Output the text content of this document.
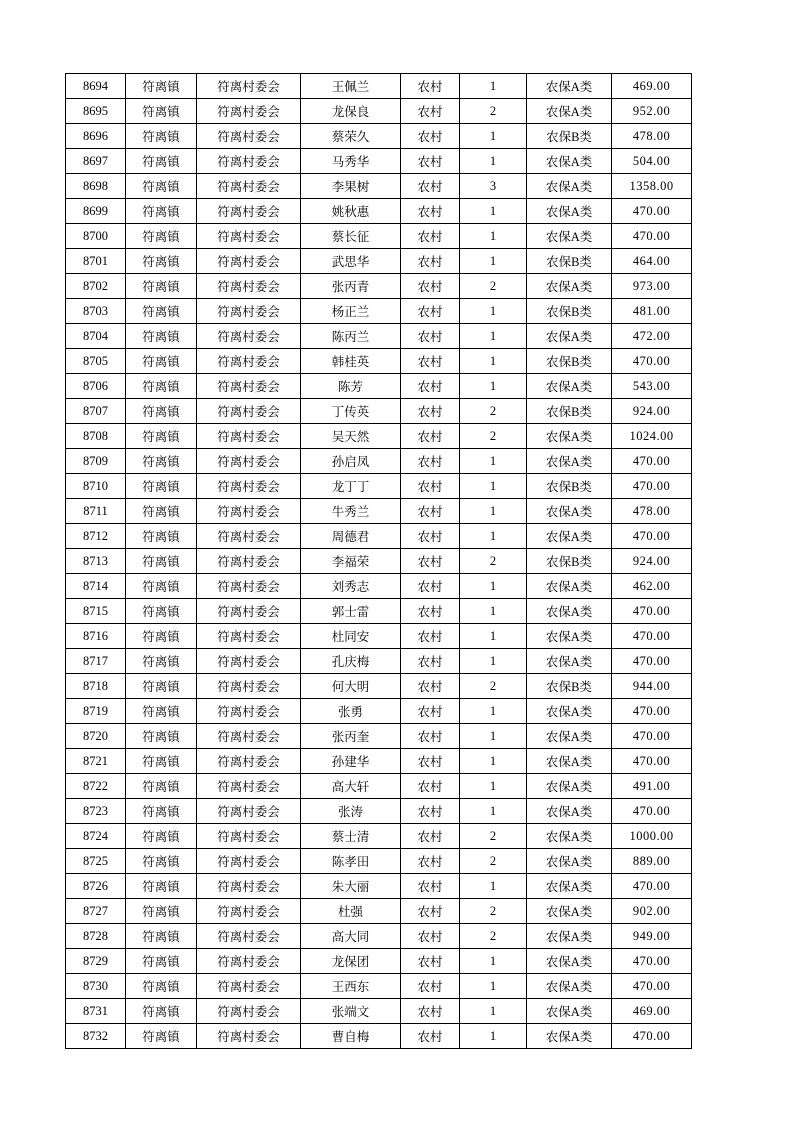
8694	符离镇	符离村委会	王佩兰	农村	1	农保A类	469.00
8695	符离镇	符离村委会	龙保良	农村	2	农保A类	952.00
8696	符离镇	符离村委会	蔡荣久	农村	1	农保B类	478.00
8697	符离镇	符离村委会	马秀华	农村	1	农保A类	504.00
8698	符离镇	符离村委会	李果树	农村	3	农保A类	1358.00
8699	符离镇	符离村委会	姚秋惠	农村	1	农保A类	470.00
8700	符离镇	符离村委会	蔡长征	农村	1	农保A类	470.00
8701	符离镇	符离村委会	武思华	农村	1	农保B类	464.00
8702	符离镇	符离村委会	张丙青	农村	2	农保A类	973.00
8703	符离镇	符离村委会	杨正兰	农村	1	农保B类	481.00
8704	符离镇	符离村委会	陈丙兰	农村	1	农保A类	472.00
8705	符离镇	符离村委会	韩桂英	农村	1	农保B类	470.00
8706	符离镇	符离村委会	陈芳	农村	1	农保A类	543.00
8707	符离镇	符离村委会	丁传英	农村	2	农保B类	924.00
8708	符离镇	符离村委会	吴天然	农村	2	农保A类	1024.00
8709	符离镇	符离村委会	孙启凤	农村	1	农保A类	470.00
8710	符离镇	符离村委会	龙丁丁	农村	1	农保B类	470.00
8711	符离镇	符离村委会	牛秀兰	农村	1	农保A类	478.00
8712	符离镇	符离村委会	周德君	农村	1	农保A类	470.00
8713	符离镇	符离村委会	李福荣	农村	2	农保B类	924.00
8714	符离镇	符离村委会	刘秀志	农村	1	农保A类	462.00
8715	符离镇	符离村委会	郭士雷	农村	1	农保A类	470.00
8716	符离镇	符离村委会	杜同安	农村	1	农保A类	470.00
8717	符离镇	符离村委会	孔庆梅	农村	1	农保A类	470.00
8718	符离镇	符离村委会	何大明	农村	2	农保B类	944.00
8719	符离镇	符离村委会	张勇	农村	1	农保A类	470.00
8720	符离镇	符离村委会	张丙奎	农村	1	农保A类	470.00
8721	符离镇	符离村委会	孙建华	农村	1	农保A类	470.00
8722	符离镇	符离村委会	高大轩	农村	1	农保A类	491.00
8723	符离镇	符离村委会	张涛	农村	1	农保A类	470.00
8724	符离镇	符离村委会	蔡士清	农村	2	农保A类	1000.00
8725	符离镇	符离村委会	陈孝田	农村	2	农保A类	889.00
8726	符离镇	符离村委会	朱大丽	农村	1	农保A类	470.00
8727	符离镇	符离村委会	杜强	农村	2	农保A类	902.00
8728	符离镇	符离村委会	高大同	农村	2	农保A类	949.00
8729	符离镇	符离村委会	龙保团	农村	1	农保A类	470.00
8730	符离镇	符离村委会	王西东	农村	1	农保A类	470.00
8731	符离镇	符离村委会	张端文	农村	1	农保A类	469.00
8732	符离镇	符离村委会	曹自梅	农村	1	农保A类	470.00
